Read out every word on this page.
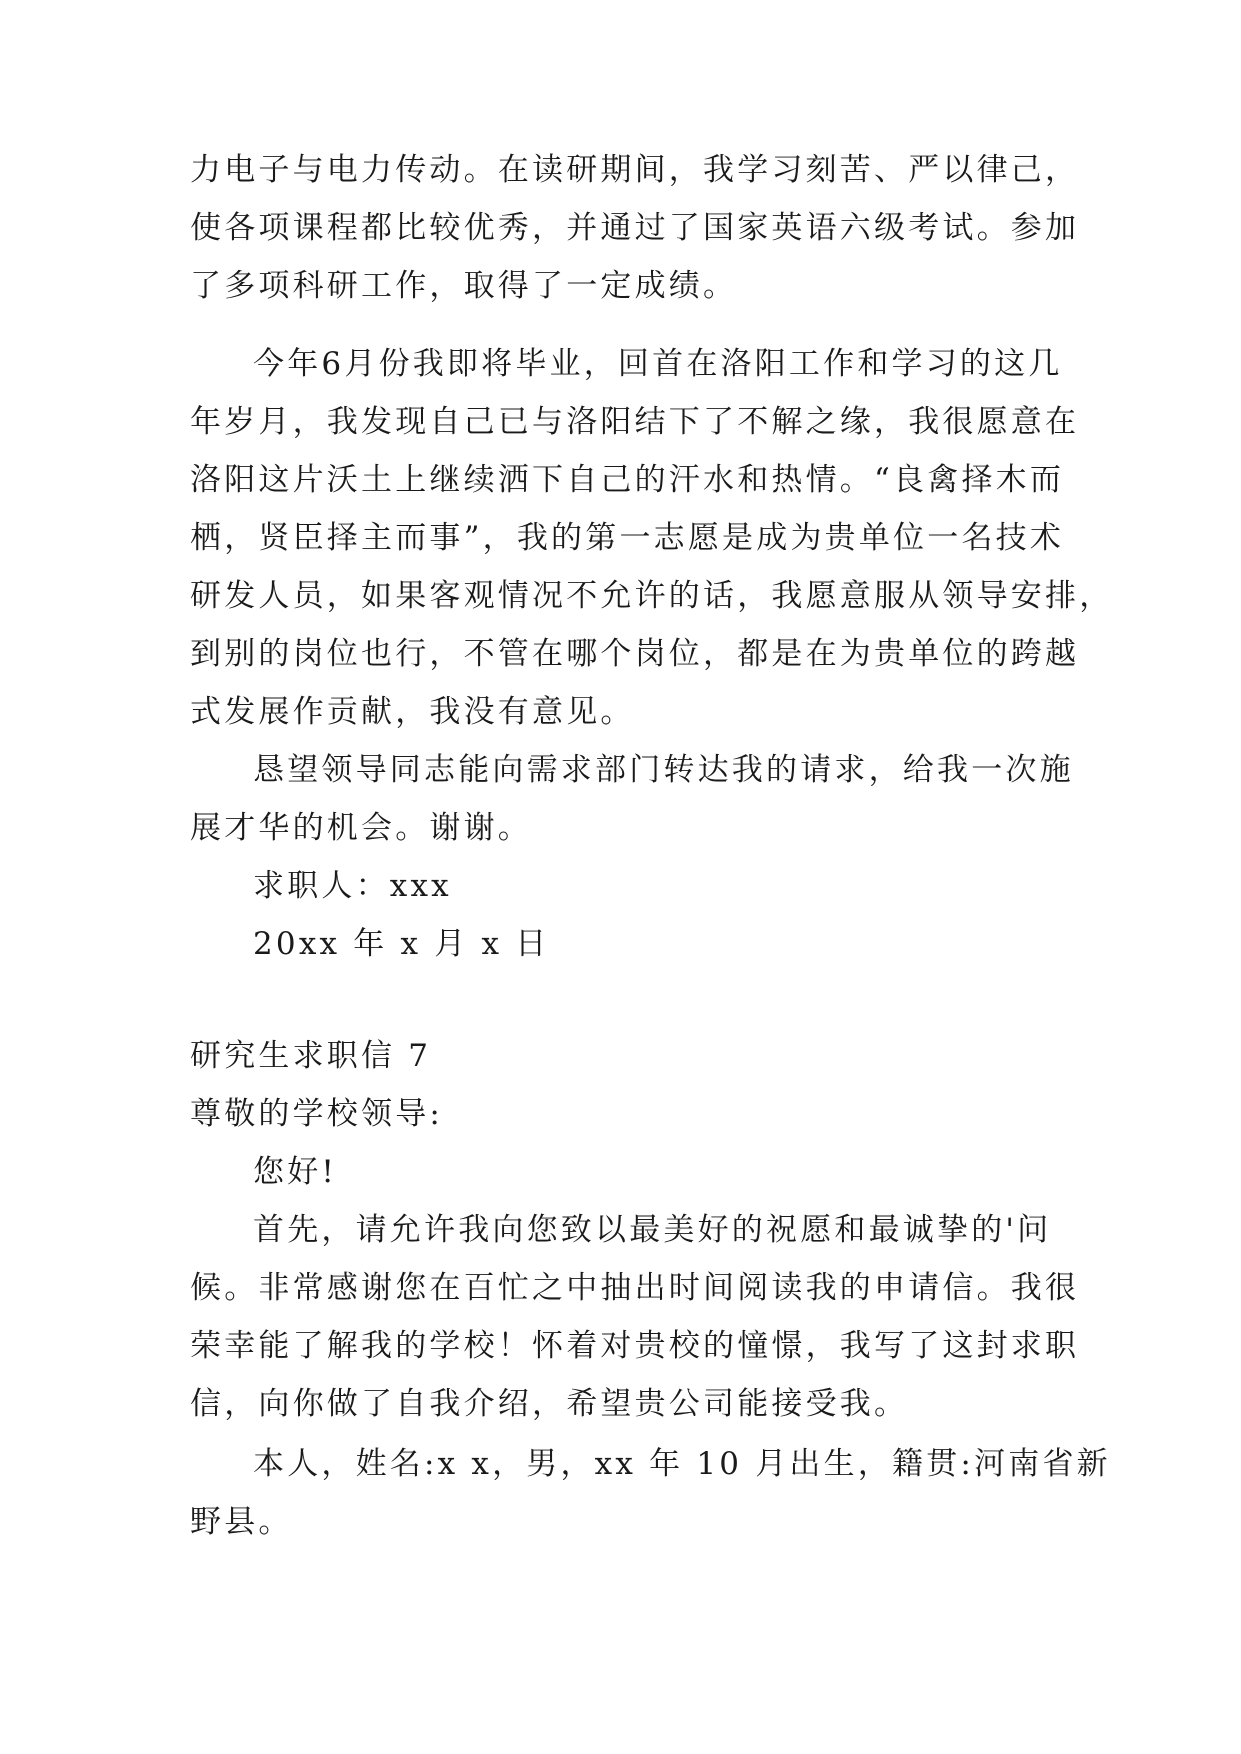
力电子与电力传动。在读研期间，我学习刻苦、严以律己，
使各项课程都比较优秀，并通过了国家英语六级考试。参加
了多项科研工作，取得了一定成绩。
今年6月份我即将毕业，回首在洛阳工作和学习的这几
年岁月，我发现自己已与洛阳结下了不解之缘，我很愿意在
洛阳这片沃土上继续洒下自己的汗水和热情。“良禽择木而
栖，贤臣择主而事”，我的第一志愿是成为贵单位一名技术
研发人员，如果客观情况不允许的话，我愿意服从领导安排，
到别的岗位也行，不管在哪个岗位，都是在为贵单位的跨越
式发展作贡献，我没有意见。
恳望领导同志能向需求部门转达我的请求，给我一次施
展才华的机会。谢谢。
求职人：xxx
20xx 年 x 月 x 日
研究生求职信 7
尊敬的学校领导:
您好!
首先，请允许我向您致以最美好的祝愿和最诚挚的'问
候。非常感谢您在百忙之中抽出时间阅读我的申请信。我很
荣幸能了解我的学校！怀着对贵校的憧憬，我写了这封求职
信，向你做了自我介绍，希望贵公司能接受我。
本人，姓名:x x，男，xx 年 10 月出生，籍贯:河南省新
野县。
